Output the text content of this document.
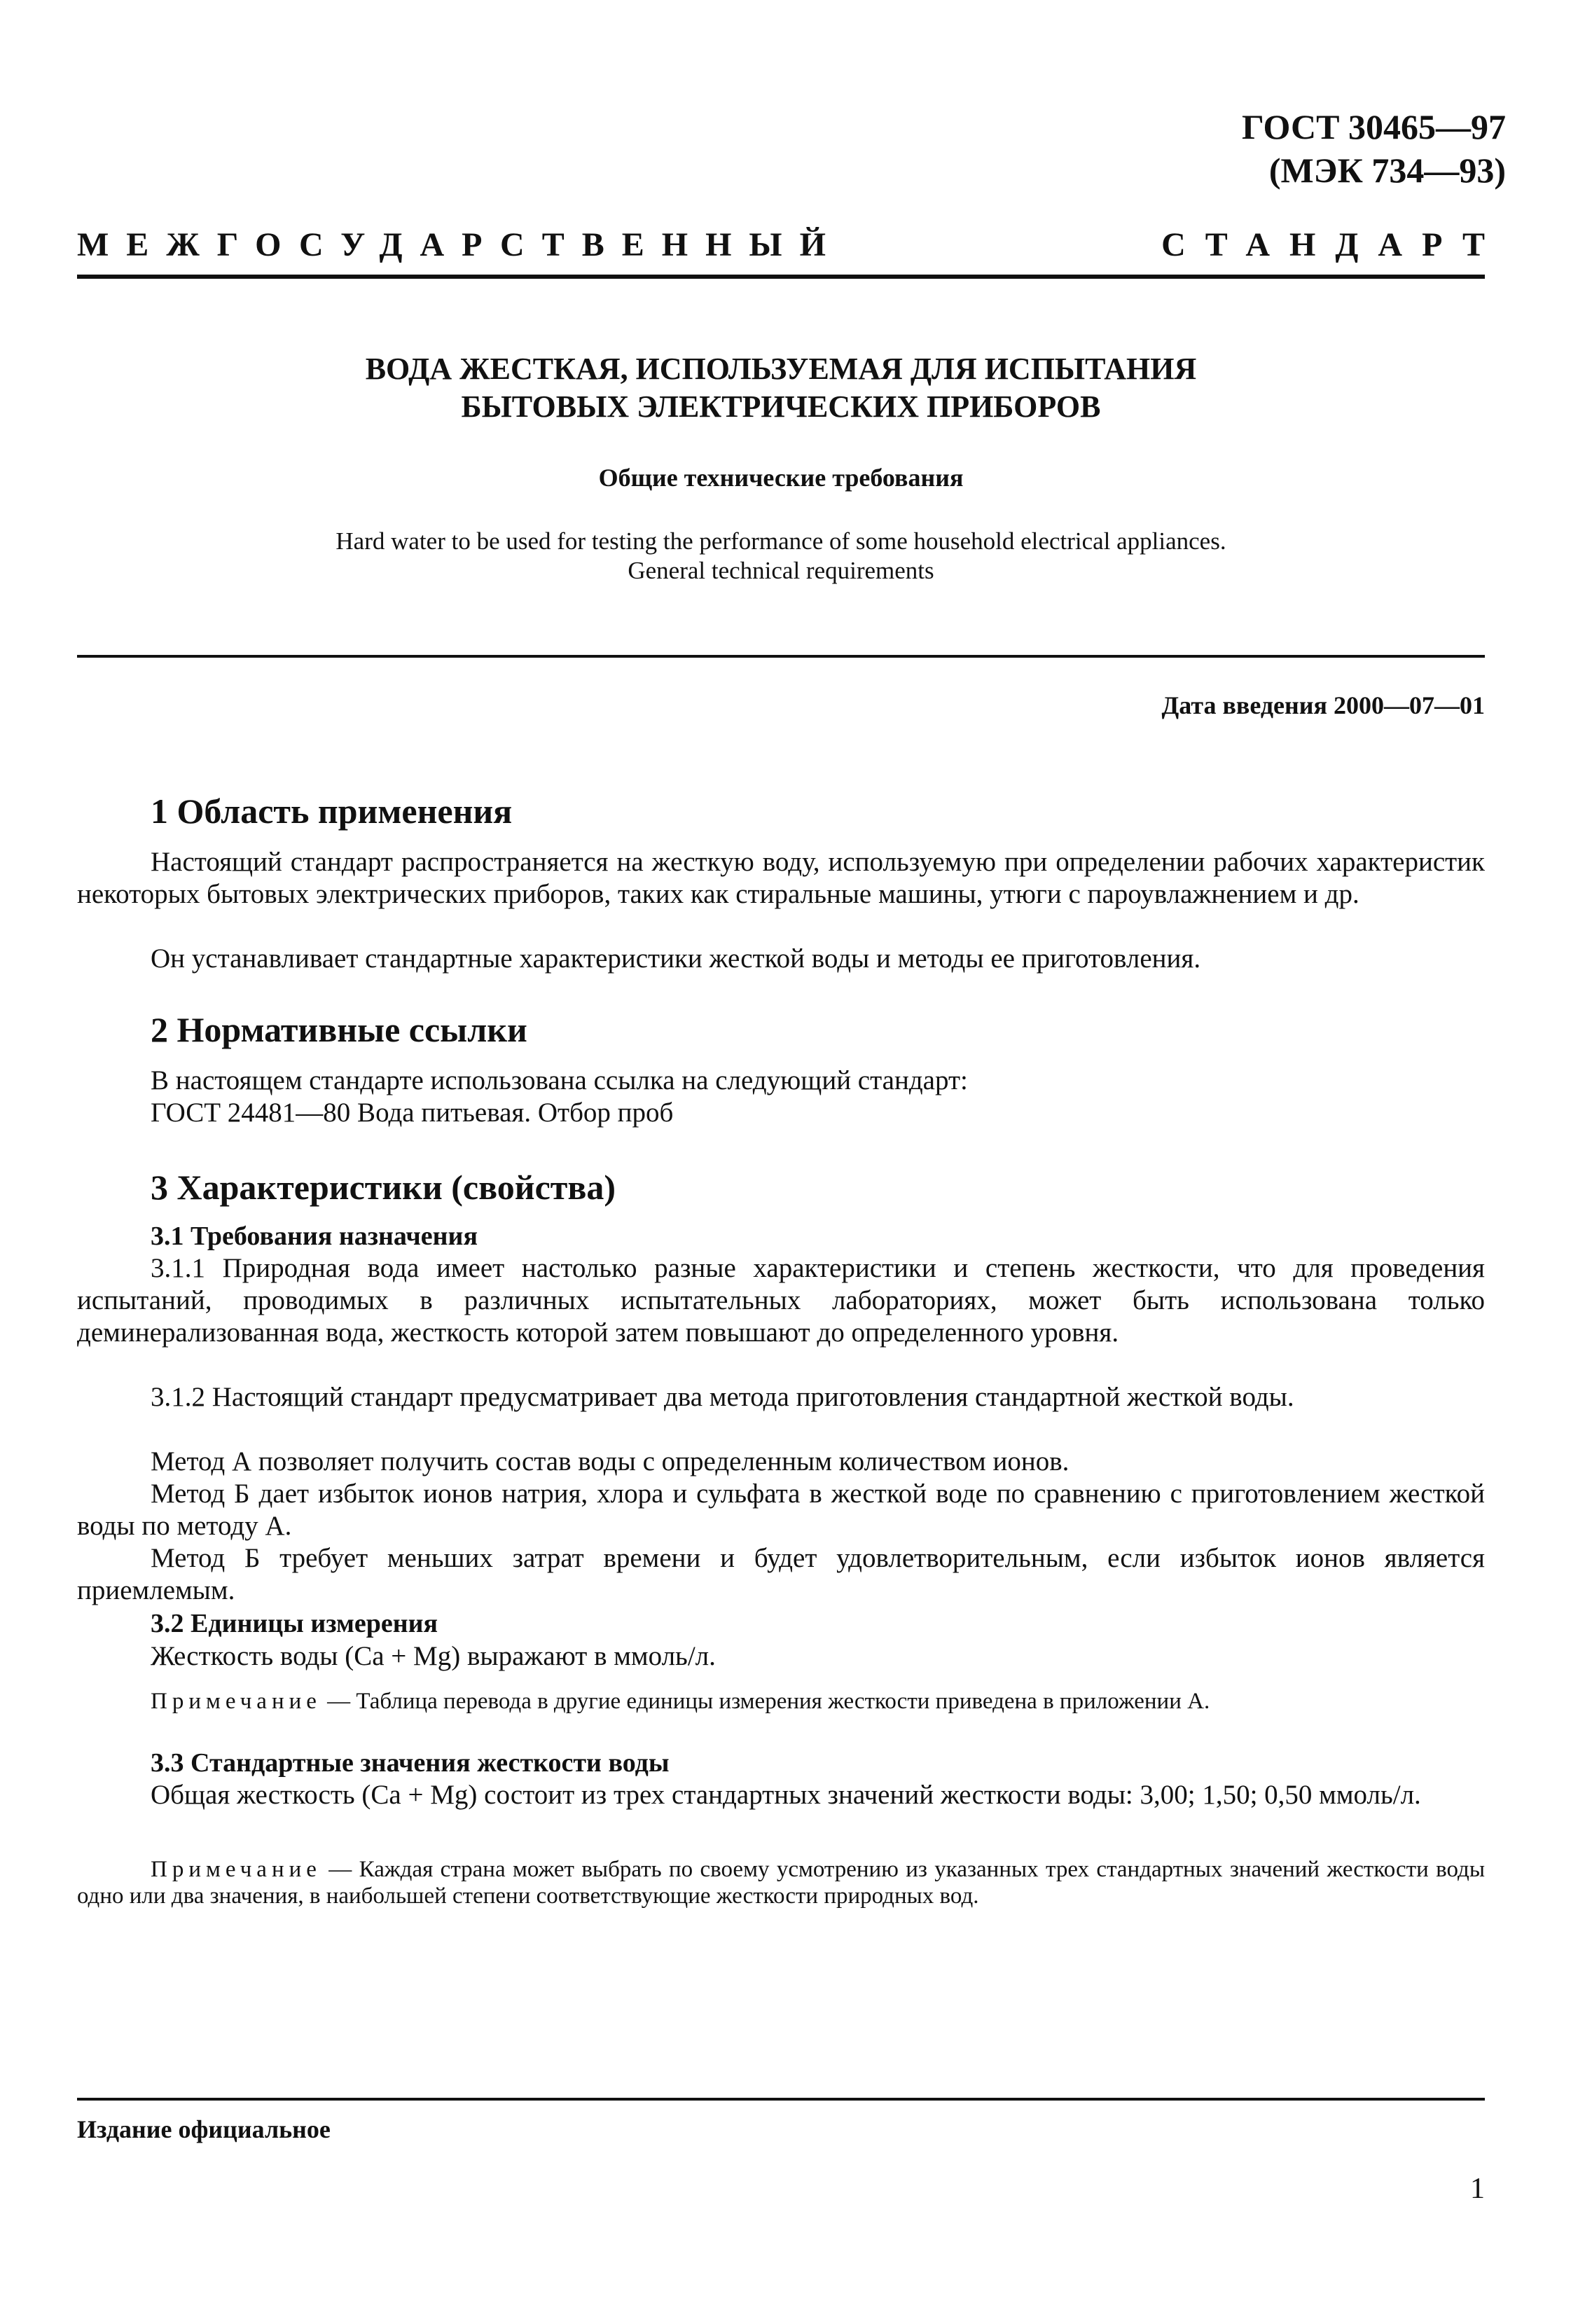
ГОСТ 30465—97
(МЭК 734—93)
МЕЖГОСУДАРСТВЕННЫЙ	СТАНДАРТ
ВОДА ЖЕСТКАЯ, ИСПОЛЬЗУЕМАЯ ДЛЯ ИСПЫТАНИЯ
БЫТОВЫХ ЭЛЕКТРИЧЕСКИХ ПРИБОРОВ
Общие технические требования
Hard water to be used for testing the performance of some household electrical appliances.
General technical requirements
Дата введения 2000—07—01
1 Область применения
Настоящий стандарт распространяется на жесткую воду, используемую при определении рабочих характеристик некоторых бытовых электрических приборов, таких как стиральные машины, утюги с пароувлажнением и др.
Он устанавливает стандартные характеристики жесткой воды и методы ее приготовления.
2 Нормативные ссылки
В настоящем стандарте использована ссылка на следующий стандарт:
ГОСТ 24481—80 Вода питьевая. Отбор проб
3 Характеристики (свойства)
3.1 Требования назначения
3.1.1 Природная вода имеет настолько разные характеристики и степень жесткости, что для проведения испытаний, проводимых в различных испытательных лабораториях, может быть использована только деминерализованная вода, жесткость которой затем повышают до определенного уровня.
3.1.2 Настоящий стандарт предусматривает два метода приготовления стандартной жесткой воды.
Метод А позволяет получить состав воды с определенным количеством ионов.
Метод Б дает избыток ионов натрия, хлора и сульфата в жесткой воде по сравнению с приготовлением жесткой воды по методу А.
Метод Б требует меньших затрат времени и будет удовлетворительным, если избыток ионов является приемлемым.
3.2 Единицы измерения
Жесткость воды (Ca + Mg) выражают в ммоль/л.
Примечание — Таблица перевода в другие единицы измерения жесткости приведена в приложении А.
3.3 Стандартные значения жесткости воды
Общая жесткость (Ca + Mg) состоит из трех стандартных значений жесткости воды: 3,00; 1,50; 0,50 ммоль/л.
Примечание — Каждая страна может выбрать по своему усмотрению из указанных трех стандартных значений жесткости воды одно или два значения, в наибольшей степени соответствующие жесткости природных вод.
Издание официальное
1
